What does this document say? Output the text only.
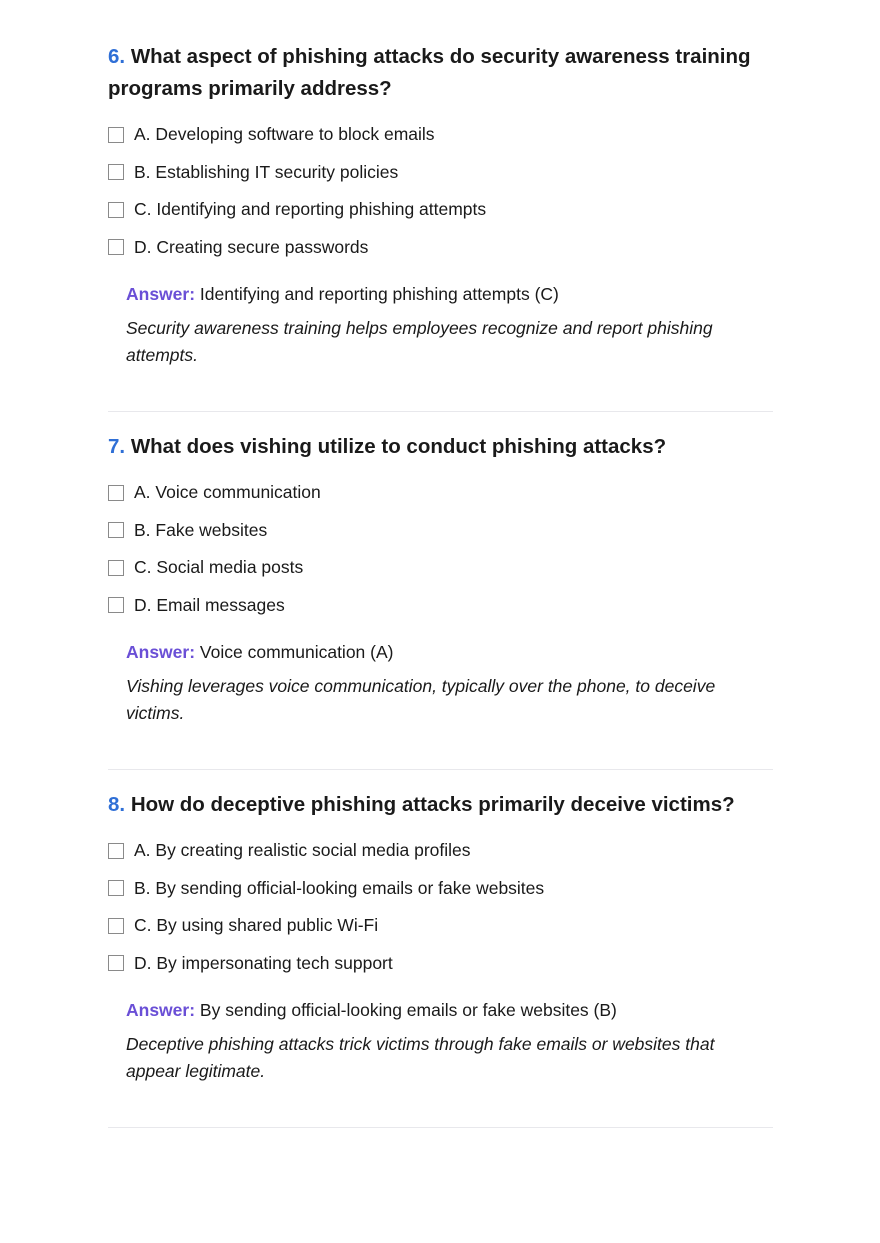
6. What aspect of phishing attacks do security awareness training programs primarily address?
A. Developing software to block emails
B. Establishing IT security policies
C. Identifying and reporting phishing attempts
D. Creating secure passwords
Answer: Identifying and reporting phishing attempts (C)
Security awareness training helps employees recognize and report phishing attempts.
7. What does vishing utilize to conduct phishing attacks?
A. Voice communication
B. Fake websites
C. Social media posts
D. Email messages
Answer: Voice communication (A)
Vishing leverages voice communication, typically over the phone, to deceive victims.
8. How do deceptive phishing attacks primarily deceive victims?
A. By creating realistic social media profiles
B. By sending official-looking emails or fake websites
C. By using shared public Wi-Fi
D. By impersonating tech support
Answer: By sending official-looking emails or fake websites (B)
Deceptive phishing attacks trick victims through fake emails or websites that appear legitimate.
